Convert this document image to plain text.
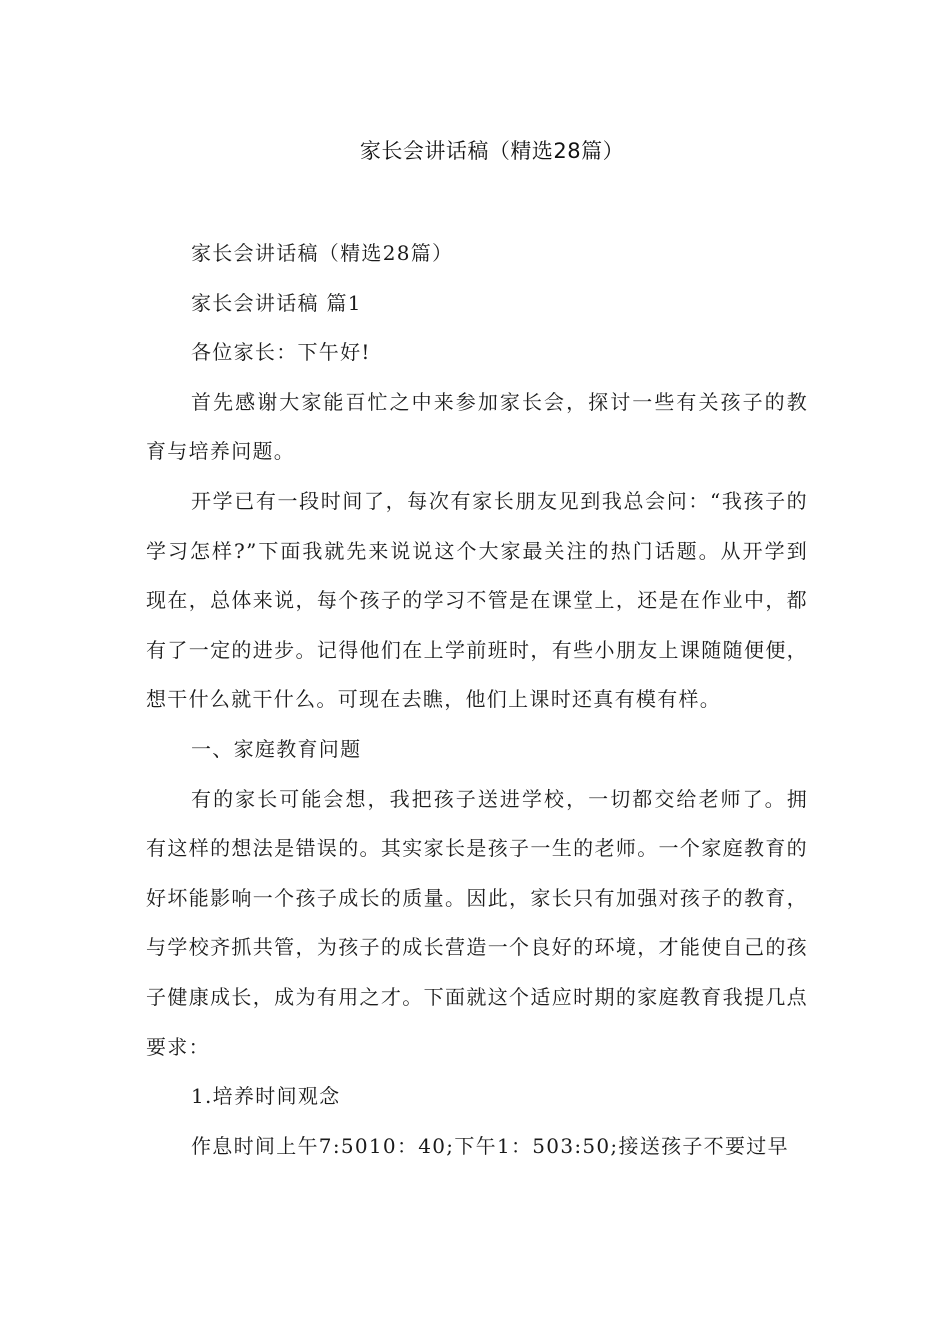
家长会讲话稿（精选28篇）

家长会讲话稿（精选28篇）

家长会讲话稿 篇1

各位家长：下午好!

首先感谢大家能百忙之中来参加家长会，探讨一些有关孩子的教育与培养问题。

开学已有一段时间了，每次有家长朋友见到我总会问：“我孩子的学习怎样?”下面我就先来说说这个大家最关注的热门话题。从开学到现在，总体来说，每个孩子的学习不管是在课堂上，还是在作业中，都有了一定的进步。记得他们在上学前班时，有些小朋友上课随随便便，想干什么就干什么。可现在去瞧，他们上课时还真有模有样。

一、家庭教育问题

有的家长可能会想，我把孩子送进学校，一切都交给老师了。拥有这样的想法是错误的。其实家长是孩子一生的老师。一个家庭教育的好坏能影响一个孩子成长的质量。因此，家长只有加强对孩子的教育，与学校齐抓共管，为孩子的成长营造一个良好的环境，才能使自己的孩子健康成长，成为有用之才。下面就这个适应时期的家庭教育我提几点要求：

1.培养时间观念

作息时间上午7:5010：40;下午1：503:50;接送孩子不要过早
